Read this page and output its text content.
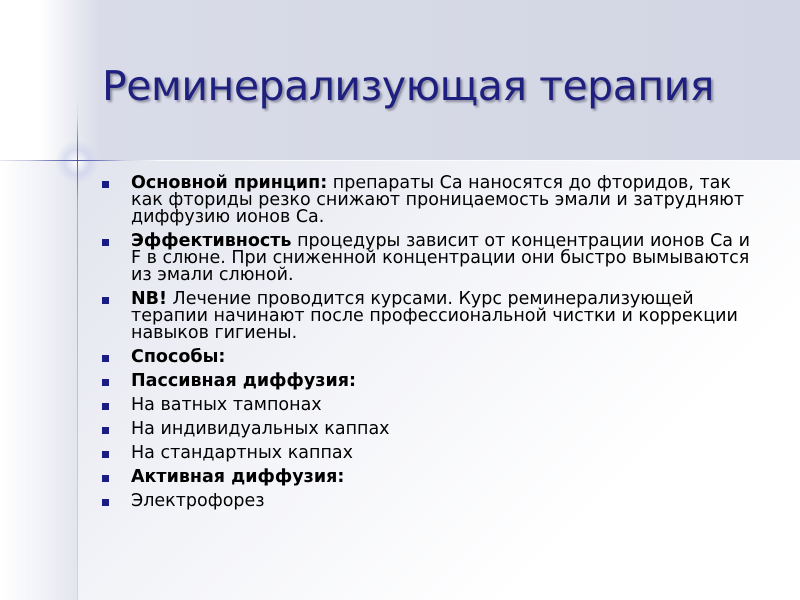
Реминерализующая терапия
Основной принцип: препараты Са наносятся до фторидов, так как фториды резко снижают проницаемость эмали и затрудняют диффузию ионов Са.
Эффективность процедуры зависит от концентрации ионов Са и F в слюне. При сниженной концентрации они быстро вымываются из эмали слюной.
NB! Лечение проводится курсами. Курс реминерализующей терапии начинают после профессиональной чистки и коррекции навыков гигиены.
Способы:
Пассивная диффузия:
На ватных тампонах
На индивидуальных каппах
На стандартных каппах
Активная диффузия:
Электрофорез
